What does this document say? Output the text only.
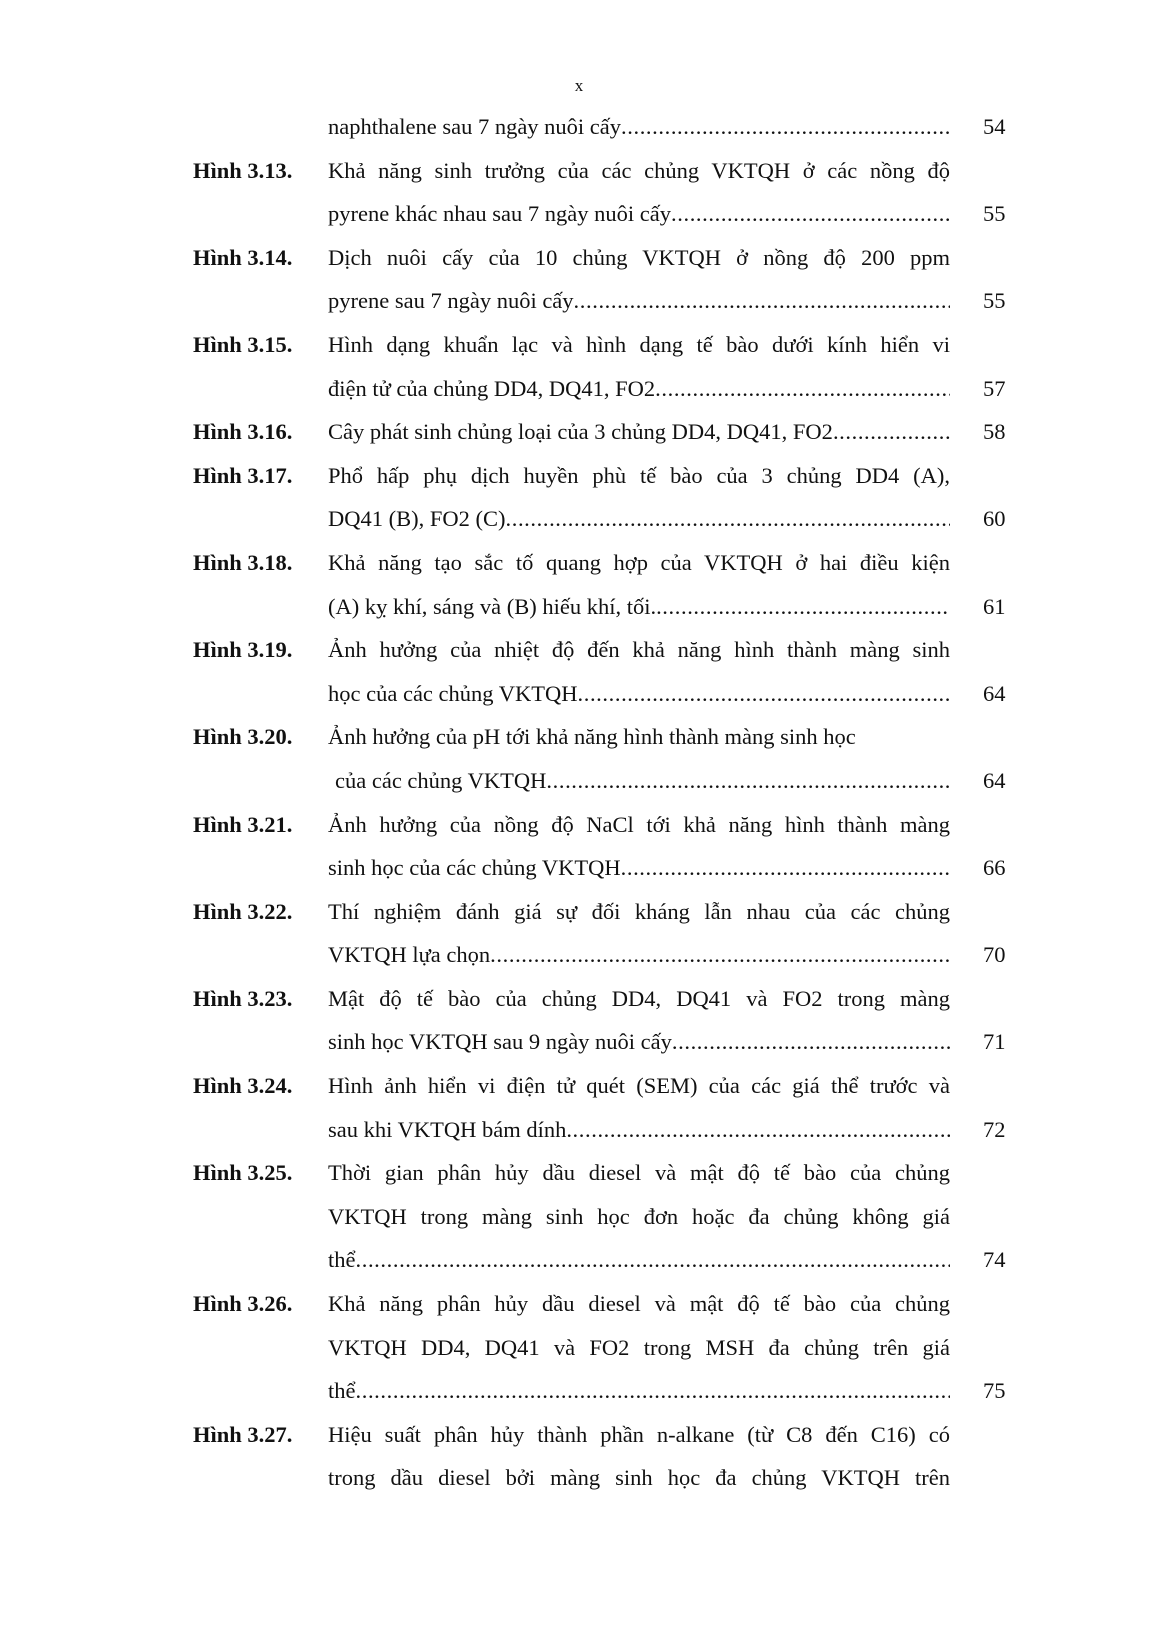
x
naphthalene sau 7 ngày nuôi cấy .....	54
Hình 3.13. Khả năng sinh trưởng của các chủng VKTQH ở các nồng độ
pyrene khác nhau sau 7 ngày nuôi cấy .....	55
Hình 3.14. Dịch nuôi cấy của 10 chủng VKTQH ở nồng độ 200 ppm
pyrene sau 7 ngày nuôi cấy .....	55
Hình 3.15. Hình dạng khuẩn lạc và hình dạng tế bào dưới kính hiển vi
điện tử của chủng DD4, DQ41, FO2 .....	57
Hình 3.16. Cây phát sinh chủng loại của 3 chủng DD4, DQ41, FO2 .....	58
Hình 3.17. Phổ hấp phụ dịch huyền phù tế bào của 3 chủng DD4 (A),
DQ41 (B), FO2 (C) .....	60
Hình 3.18. Khả năng tạo sắc tố quang hợp của VKTQH ở hai điều kiện
(A) kỵ khí, sáng và (B) hiếu khí, tối. .....	61
Hình 3.19. Ảnh hưởng của nhiệt độ đến khả năng hình thành màng sinh
học của các chủng VKTQH .....	64
Hình 3.20. Ảnh hưởng của pH tới khả năng hình thành màng sinh học
của các chủng VKTQH .....	64
Hình 3.21. Ảnh hưởng của nồng độ NaCl tới khả năng hình thành màng
sinh học của các chủng VKTQH .....	66
Hình 3.22. Thí nghiệm đánh giá sự đối kháng lẫn nhau của các chủng
VKTQH lựa chọn .....	70
Hình 3.23. Mật độ tế bào của chủng DD4, DQ41 và FO2 trong màng
sinh học VKTQH sau 9 ngày nuôi cấy .....	71
Hình 3.24. Hình ảnh hiển vi điện tử quét (SEM) của các giá thể trước và
sau khi VKTQH bám dính .....	72
Hình 3.25. Thời gian phân hủy dầu diesel và mật độ tế bào của chủng
VKTQH trong màng sinh học đơn hoặc đa chủng không giá
thể .....	74
Hình 3.26. Khả năng phân hủy dầu diesel và mật độ tế bào của chủng
VKTQH DD4, DQ41 và FO2 trong MSH đa chủng trên giá
thể .....	75
Hình 3.27. Hiệu suất phân hủy thành phần n-alkane (từ C8 đến C16) có
trong dầu diesel bởi màng sinh học đa chủng VKTQH trên
